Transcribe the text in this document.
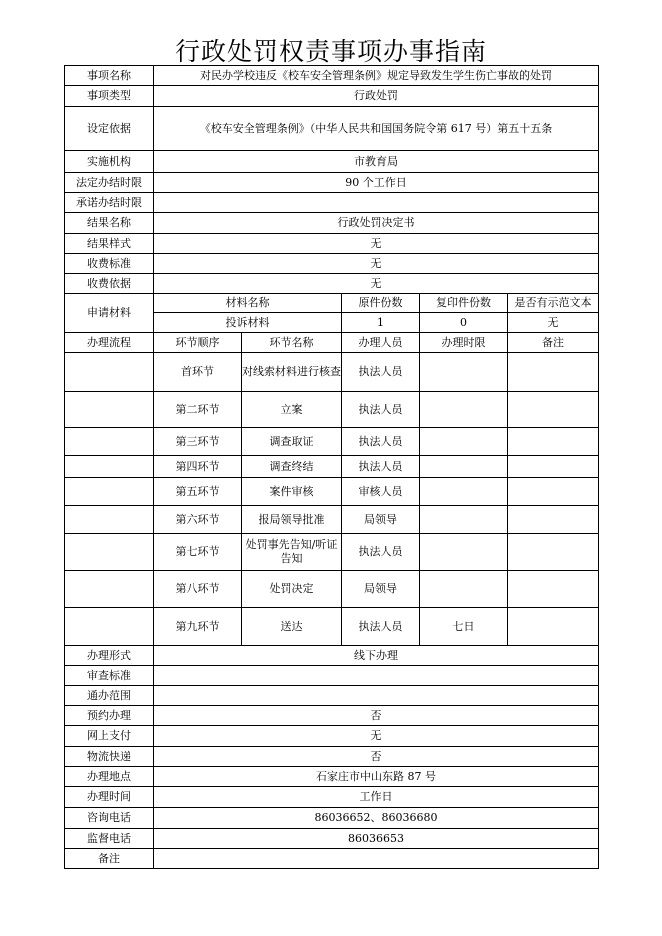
行政处罚权责事项办事指南
事项名称	对民办学校违反《校车安全管理条例》规定导致发生学生伤亡事故的处罚				
事项类型	行政处罚				
设定依据	《校车安全管理条例》（中华人民共和国国务院令第 617 号）第五十五条				
实施机构	市教育局				
法定办结时限	90 个工作日				
承诺办结时限					
结果名称	行政处罚决定书				
结果样式	无				
收费标准	无				
收费依据	无				
申请材料	材料名称		原件份数	复印件份数	是否有示范文本
	投诉材料		1	0	无
办理流程	环节顺序	环节名称	办理人员	办理时限	备注
	首环节	对线索材料进行核查	执法人员		
	第二环节	立案	执法人员		
	第三环节	调查取证	执法人员		
	第四环节	调查终结	执法人员		
	第五环节	案件审核	审核人员		
	第六环节	报局领导批准	局领导		
	第七环节	处罚事先告知/听证告知	执法人员		
	第八环节	处罚决定	局领导		
	第九环节	送达	执法人员	七日	
办理形式	线下办理				
审查标准					
通办范围					
预约办理	否				
网上支付	无				
物流快递	否				
办理地点	石家庄市中山东路 87 号				
办理时间	工作日				
咨询电话	86036652、86036680				
监督电话	86036653				
备注					
